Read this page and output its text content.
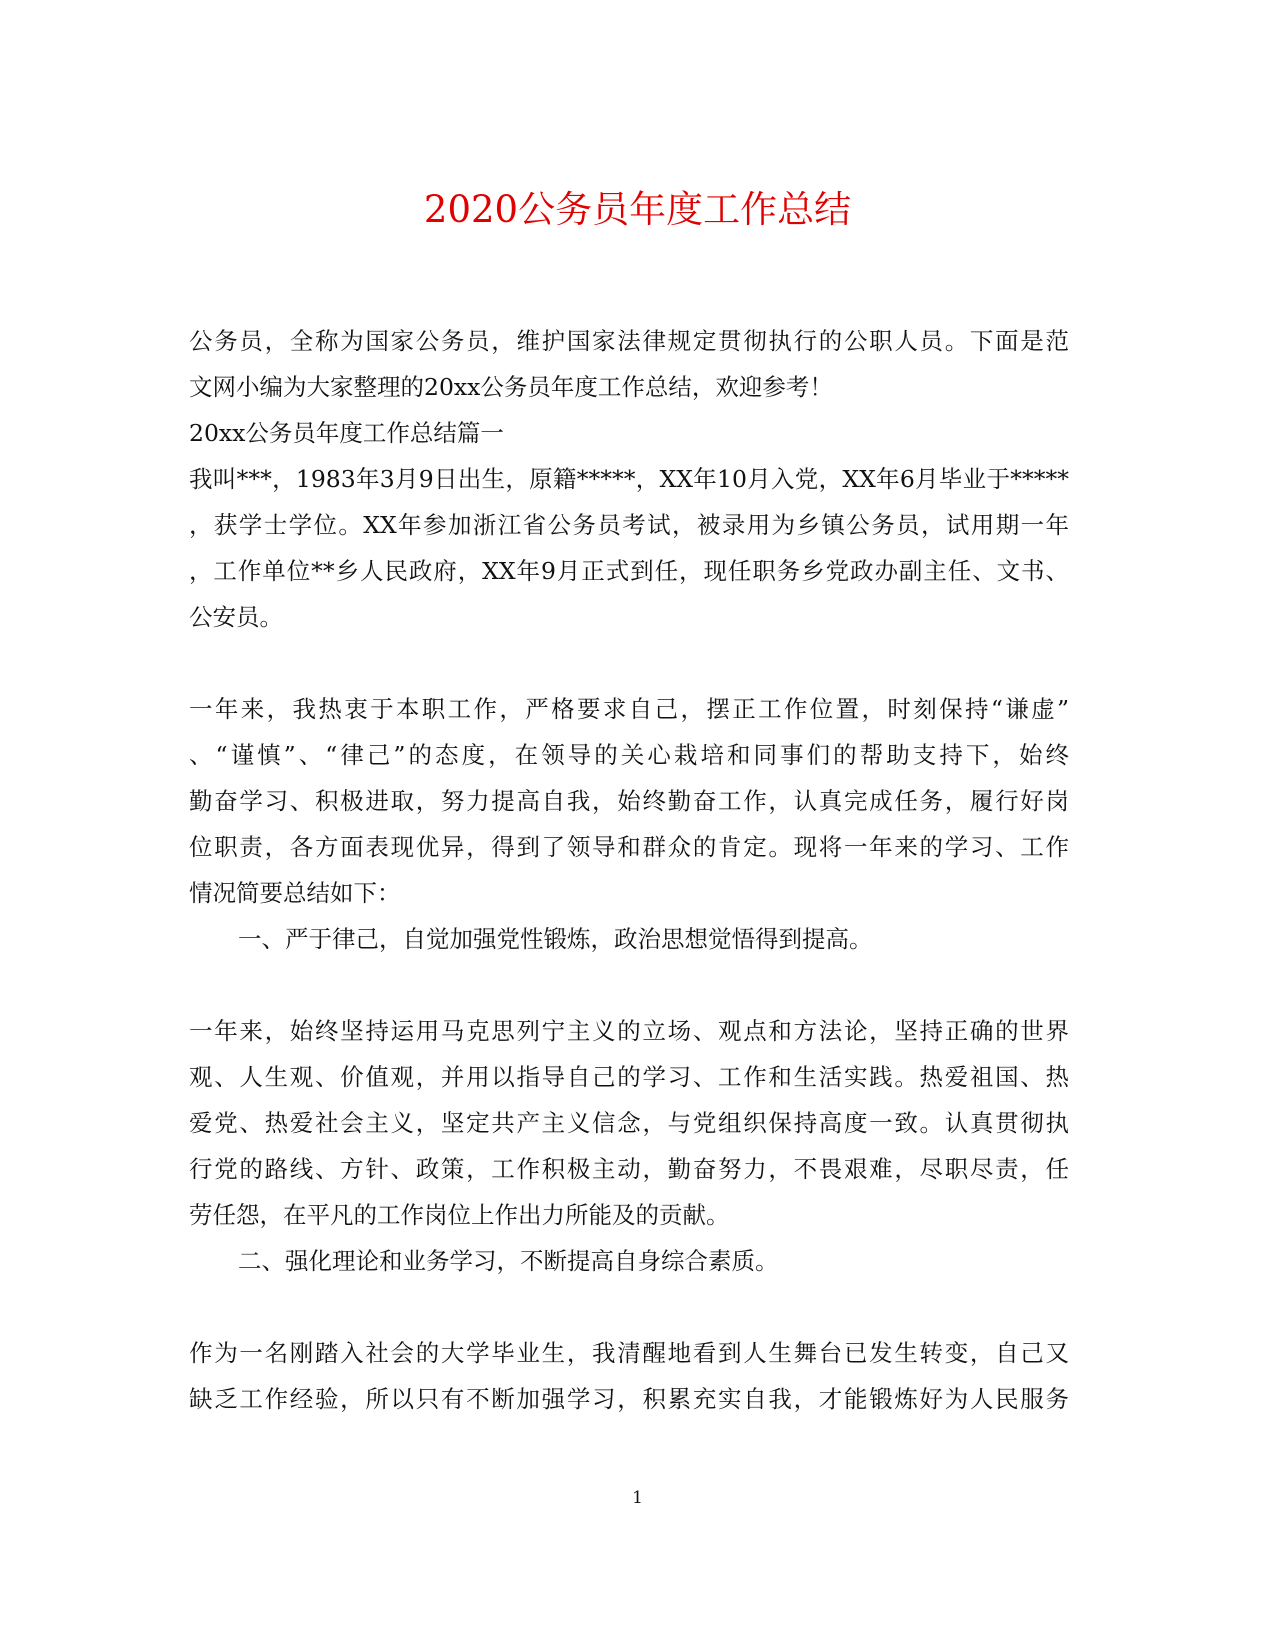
2020公务员年度工作总结
公务员，全称为国家公务员，维护国家法律规定贯彻执行的公职人员。下面是范
文网小编为大家整理的20xx公务员年度工作总结，欢迎参考！
20xx公务员年度工作总结篇一
我叫***，1983年3月9日出生，原籍*****，XX年10月入党，XX年6月毕业于*****
，获学士学位。XX年参加浙江省公务员考试，被录用为乡镇公务员，试用期一年
，工作单位**乡人民政府，XX年9月正式到任，现任职务乡党政办副主任、文书、
公安员。
一年来，我热衷于本职工作，严格要求自己，摆正工作位置，时刻保持“谦虚”
、“谨慎”、“律己”的态度，在领导的关心栽培和同事们的帮助支持下，始终
勤奋学习、积极进取，努力提高自我，始终勤奋工作，认真完成任务，履行好岗
位职责，各方面表现优异，得到了领导和群众的肯定。现将一年来的学习、工作
情况简要总结如下：
一、严于律己，自觉加强党性锻炼，政治思想觉悟得到提高。
一年来，始终坚持运用马克思列宁主义的立场、观点和方法论，坚持正确的世界
观、人生观、价值观，并用以指导自己的学习、工作和生活实践。热爱祖国、热
爱党、热爱社会主义，坚定共产主义信念，与党组织保持高度一致。认真贯彻执
行党的路线、方针、政策，工作积极主动，勤奋努力，不畏艰难，尽职尽责，任
劳任怨，在平凡的工作岗位上作出力所能及的贡献。
二、强化理论和业务学习，不断提高自身综合素质。
作为一名刚踏入社会的大学毕业生，我清醒地看到人生舞台已发生转变，自己又
缺乏工作经验，所以只有不断加强学习，积累充实自我，才能锻炼好为人民服务
1
